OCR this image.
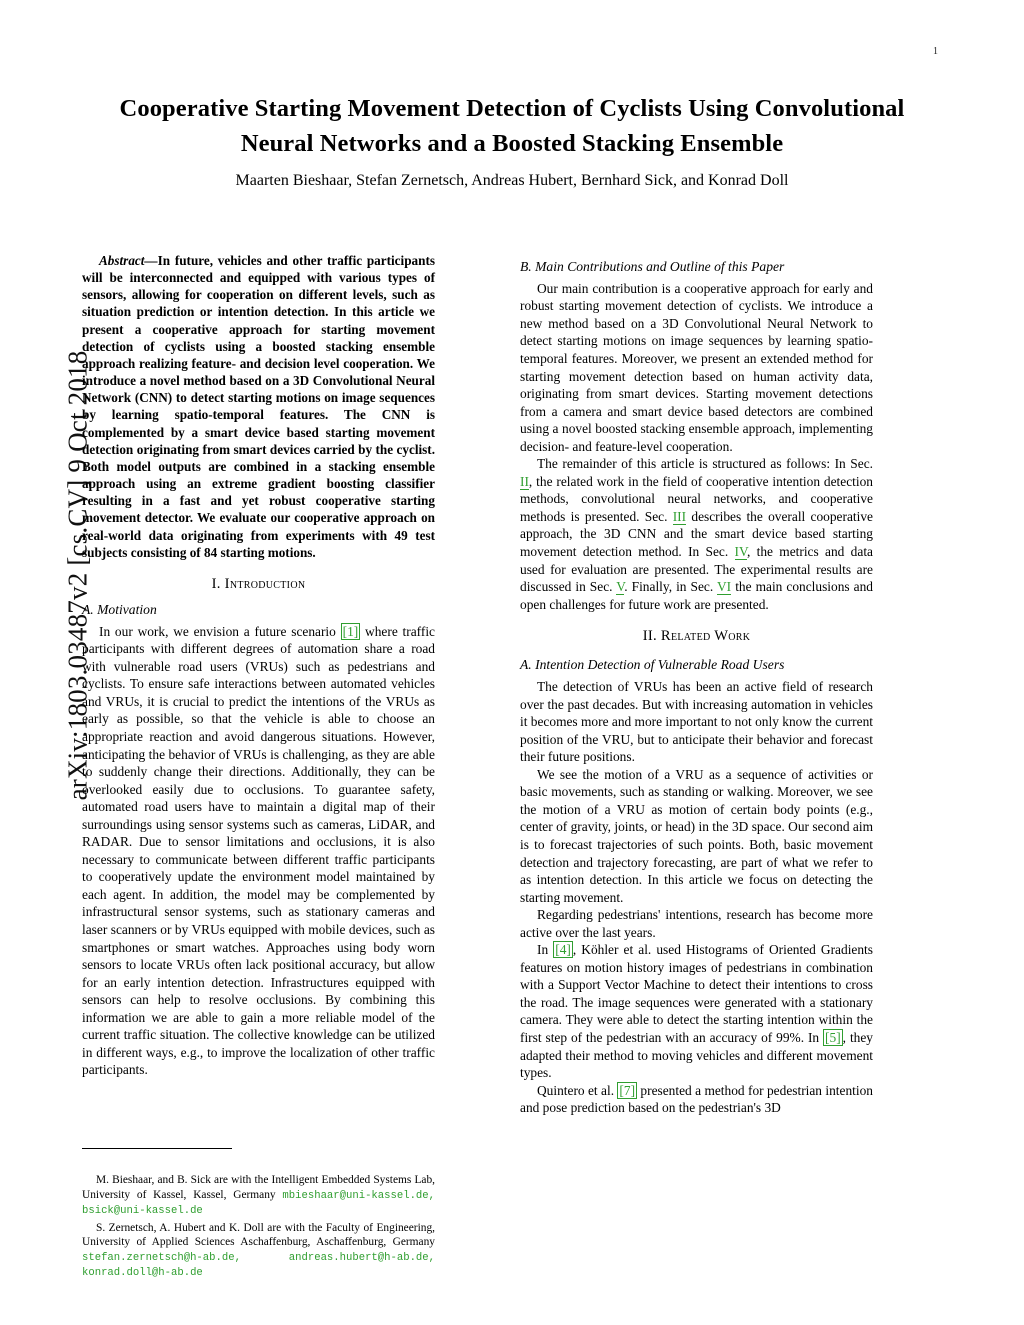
1
arXiv:1803.03487v2 [cs.CV] 9 Oct 2018
Cooperative Starting Movement Detection of Cyclists Using Convolutional Neural Networks and a Boosted Stacking Ensemble
Maarten Bieshaar, Stefan Zernetsch, Andreas Hubert, Bernhard Sick, and Konrad Doll
Abstract—In future, vehicles and other traffic participants will be interconnected and equipped with various types of sensors, allowing for cooperation on different levels, such as situation prediction or intention detection. In this article we present a cooperative approach for starting movement detection of cyclists using a boosted stacking ensemble approach realizing feature- and decision level cooperation. We introduce a novel method based on a 3D Convolutional Neural Network (CNN) to detect starting motions on image sequences by learning spatio-temporal features. The CNN is complemented by a smart device based starting movement detection originating from smart devices carried by the cyclist. Both model outputs are combined in a stacking ensemble approach using an extreme gradient boosting classifier resulting in a fast and yet robust cooperative starting movement detector. We evaluate our cooperative approach on real-world data originating from experiments with 49 test subjects consisting of 84 starting motions.
I. Introduction
A. Motivation

In our work, we envision a future scenario [1] where traffic participants with different degrees of automation share a road with vulnerable road users (VRUs) such as pedestrians and cyclists. To ensure safe interactions between automated vehicles and VRUs, it is crucial to predict the intentions of the VRUs as early as possible, so that the vehicle is able to choose an appropriate reaction and avoid dangerous situations. However, anticipating the behavior of VRUs is challenging, as they are able to suddenly change their directions. Additionally, they can be overlooked easily due to occlusions. To guarantee safety, automated road users have to maintain a digital map of their surroundings using sensor systems such as cameras, LiDAR, and RADAR. Due to sensor limitations and occlusions, it is also necessary to communicate between different traffic participants to cooperatively update the environment model maintained by each agent. In addition, the model may be complemented by infrastructural sensor systems, such as stationary cameras and laser scanners or by VRUs equipped with mobile devices, such as smartphones or smart watches. Approaches using body worn sensors to locate VRUs often lack positional accuracy, but allow for an early intention detection. Infrastructures equipped with sensors can help to resolve occlusions. By combining this information we are able to gain a more reliable model of the current traffic situation. The collective knowledge can be utilized in different ways, e.g., to improve the localization of other traffic participants.

B. Main Contributions and Outline of this Paper

Our main contribution is a cooperative approach for early and robust starting movement detection of cyclists. We introduce a new method based on a 3D Convolutional Neural Network to detect starting motions on image sequences by learning spatio-temporal features. Moreover, we present an extended method for starting movement detection based on human activity data, originating from smart devices. Starting movement detections from a camera and smart device based detectors are combined using a novel boosted stacking ensemble approach, implementing decision- and feature-level cooperation.

The remainder of this article is structured as follows: In Sec. II, the related work in the field of cooperative intention detection methods, convolutional neural networks, and cooperative methods is presented. Sec. III describes the overall cooperative approach, the 3D CNN and the smart device based starting movement detection method. In Sec. IV, the metrics and data used for evaluation are presented. The experimental results are discussed in Sec. V. Finally, in Sec. VI the main conclusions and open challenges for future work are presented.

II. Related Work
A. Intention Detection of Vulnerable Road Users

The detection of VRUs has been an active field of research over the past decades. But with increasing automation in vehicles it becomes more and more important to not only know the current position of the VRU, but to anticipate their behavior and forecast their future positions.

We see the motion of a VRU as a sequence of activities or basic movements, such as standing or walking. Moreover, we see the motion of a VRU as motion of certain body points (e.g., center of gravity, joints, or head) in the 3D space. Our second aim is to forecast trajectories of such points. Both, basic movement detection and trajectory forecasting, are part of what we refer to as intention detection. In this article we focus on detecting the starting movement.

Regarding pedestrians' intentions, research has become more active over the last years.

In [4] , Köhler et al. used Histograms of Oriented Gradients features on motion history images of pedestrians in combination with a Support Vector Machine to detect their intentions to cross the road. The image sequences were generated with a stationary camera. They were able to detect the starting intention within the first step of the pedestrian with an accuracy of 99%. In [5] , they adapted their method to moving vehicles and different movement types.

Quintero et al. [7] presented a method for pedestrian intention and pose prediction based on the pedestrian's 3D

M. Bieshaar, and B. Sick are with the Intelligent Embedded Systems Lab, University of Kassel, Kassel, Germany mbieshaar@uni-kassel.de, bsick@uni-kassel.de

S. Zernetsch, A. Hubert and K. Doll are with the Faculty of Engineering, University of Applied Sciences Aschaffenburg, Aschaffenburg, Germany stefan.zernetsch@h-ab.de,	andreas.hubert@h-ab.de, konrad.doll@h-ab.de
